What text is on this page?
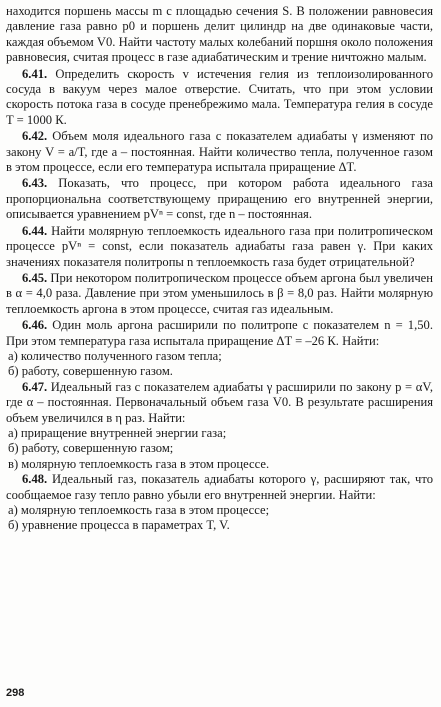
находится поршень массы m с площадью сечения S. В положении равновесия давление газа равно p0 и поршень делит цилиндр на две одинаковые части, каждая объемом V0. Найти частоту малых колебаний поршня около положения равновесия, считая процесс в газе адиабатическим и трение ничтожно малым.

6.41. Определить скорость v истечения гелия из теплоизолированного сосуда в вакуум через малое отверстие. Считать, что при этом условии скорость потока газа в сосуде пренебрежимо мала. Температура гелия в сосуде T = 1000 К.
6.42. Объем моля идеального газа с показателем адиабаты γ изменяют по закону V = a/T, где a – постоянная. Найти количество тепла, полученное газом в этом процессе, если его температура испытала приращение ΔT.
6.43. Показать, что процесс, при котором работа идеального газа пропорциональна соответствующему приращению его внутренней энергии, описывается уравнением pVⁿ = const, где n – постоянная.
6.44. Найти молярную теплоемкость идеального газа при политропическом процессе pVⁿ = const, если показатель адиабаты газа равен γ. При каких значениях показателя политропы n теплоемкость газа будет отрицательной?
6.45. При некотором политропическом процессе объем аргона был увеличен в α = 4,0 раза. Давление при этом уменьшилось в β = 8,0 раз. Найти молярную теплоемкость аргона в этом процессе, считая газ идеальным.
6.46. Один моль аргона расширили по политропе с показателем n = 1,50. При этом температура газа испытала приращение ΔT = –26 К. Найти:
а) количество полученного газом тепла;
б) работу, совершенную газом.
6.47. Идеальный газ с показателем адиабаты γ расширили по закону p = αV, где α – постоянная. Первоначальный объем газа V0. В результате расширения объем увеличился в η раз. Найти:
а) приращение внутренней энергии газа;
б) работу, совершенную газом;
в) молярную теплоемкость газа в этом процессе.
6.48. Идеальный газ, показатель адиабаты которого γ, расширяют так, что сообщаемое газу тепло равно убыли его внутренней энергии. Найти:
а) молярную теплоемкость газа в этом процессе;
б) уравнение процесса в параметрах T, V.
298
